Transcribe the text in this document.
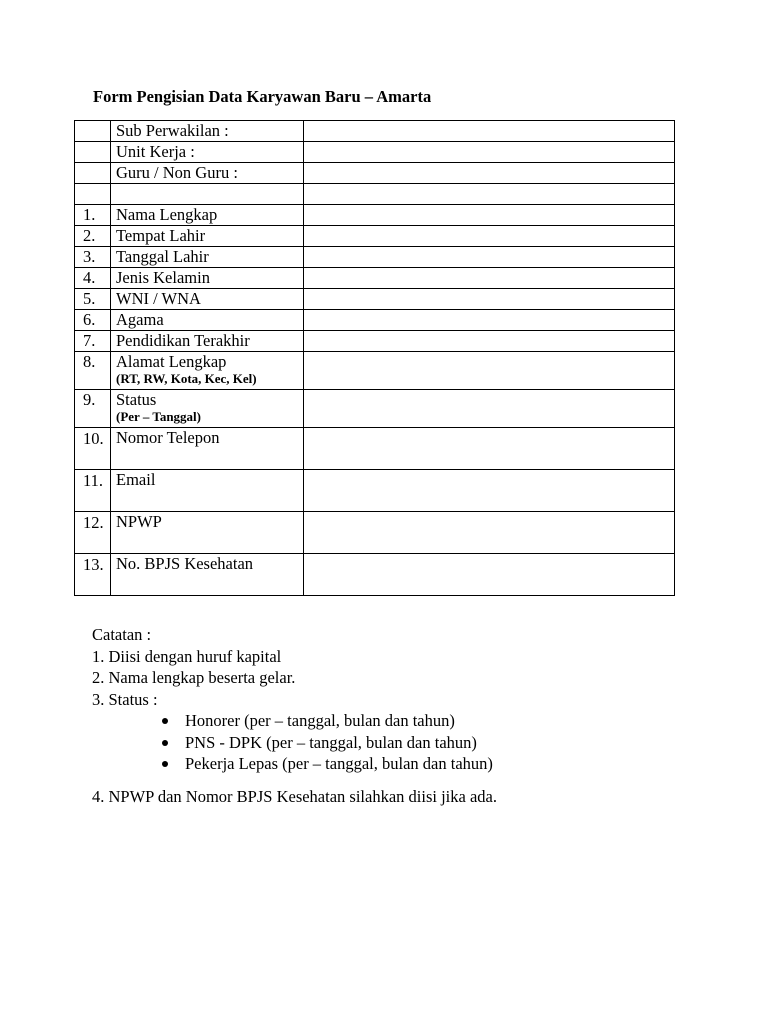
Form Pengisian Data Karyawan Baru – Amarta
	Sub Perwakilan :	
	Unit Kerja :	
	Guru / Non Guru :	

1.	Nama Lengkap	
2.	Tempat Lahir	
3.	Tanggal Lahir	
4.	Jenis Kelamin	
5.	WNI / WNA	
6.	Agama	
7.	Pendidikan Terakhir	
8.	Alamat Lengkap
(RT, RW, Kota, Kec, Kel)	

9.	Status
(Per – Tanggal)	

10.	Nomor Telepon	

11.	Email	

12.	NPWP	

13.	No. BPJS Kesehatan	

Catatan :

1. Diisi dengan huruf kapital

2. Nama lengkap beserta gelar.

3. Status :

Honorer (per – tanggal, bulan dan tahun)
PNS - DPK (per – tanggal, bulan dan tahun)
Pekerja Lepas (per – tanggal, bulan dan tahun)

4. NPWP dan Nomor BPJS Kesehatan silahkan diisi jika ada.
